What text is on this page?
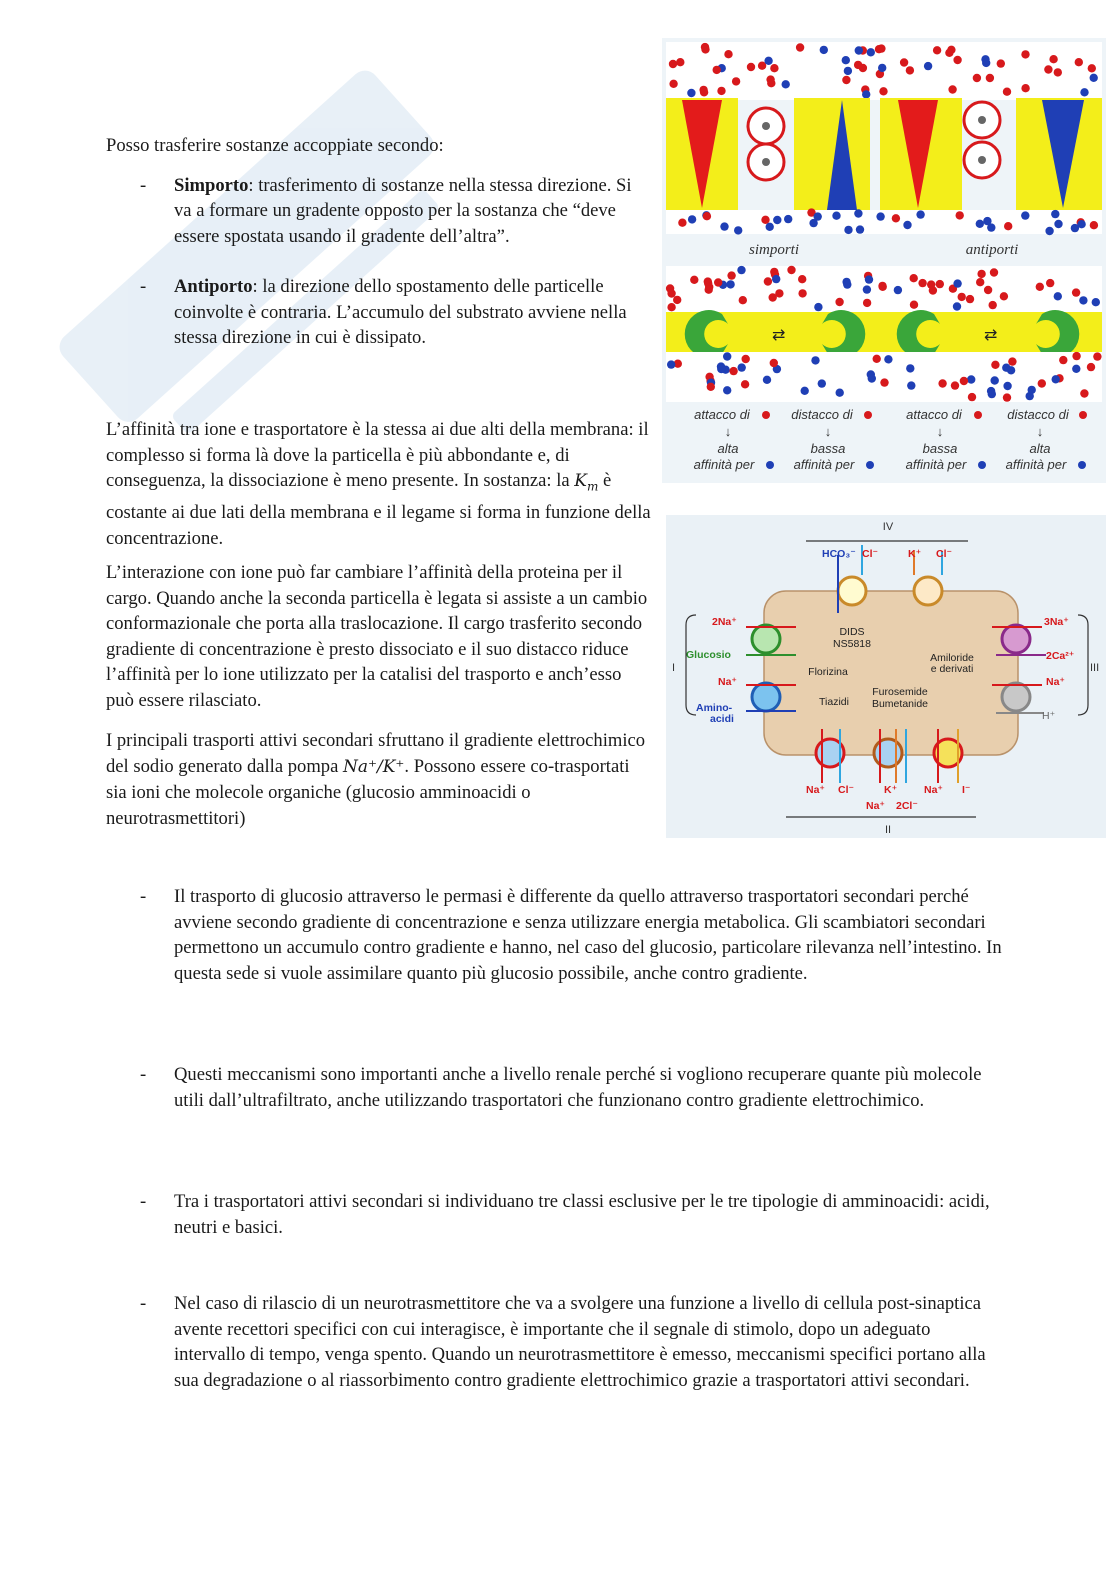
Posso trasferire sostanze accoppiate secondo:
- Simporto: trasferimento di sostanze nella stessa direzione. Si va a formare un gradente opposto per la sostanza che “deve essere spostata usando il gradente dell’altra”.
- Antiporto: la direzione dello spostamento delle particelle coinvolte è contraria. L’accumulo del substrato avviene nella stessa direzione in cui è dissipato.
L’affinità tra ione e trasportatore è la stessa ai due alti della membrana: il complesso si forma là dove la particella è più abbondante e, di conseguenza, la dissociazione è meno presente. In sostanza: la $K_m$ è costante ai due lati della membrana e il legame si forma in funzione della concentrazione.
L’interazione con ione può far cambiare l’affinità della proteina per il cargo. Quando anche la seconda particella è legata si assiste a un cambio conformazionale che porta alla traslocazione. Il cargo trasferito secondo gradiente di concentrazione è presto dissociato e il suo distacco riduce l’affinità per lo ione utilizzato per la catalisi del trasporto e anch’esso può essere rilasciato.
I principali trasporti attivi secondari sfruttano il gradiente elettrochimico del sodio generato dalla pompa Na⁺/K⁺. Possono essere co-trasportati sia ioni che molecole organiche (glucosio amminoacidi o neurotrasmettitori)
- Il trasporto di glucosio attraverso le permasi è differente da quello attraverso trasportatori secondari perché avviene secondo gradiente di concentrazione e senza utilizzare energia metabolica. Gli scambiatori secondari permettono un accumulo contro gradiente e hanno, nel caso del glucosio, particolare rilevanza nell’intestino. In questa sede si vuole assimilare quanto più glucosio possibile, anche contro gradiente.
- Questi meccanismi sono importanti anche a livello renale perché si vogliono recuperare quante più molecole utili dall’ultrafiltrato, anche utilizzando trasportatori che funzionano contro gradiente elettrochimico.
- Tra i trasportatori attivi secondari si individuano tre classi esclusive per le tre tipologie di amminoacidi: acidi, neutri e basici.
- Nel caso di rilascio di un neurotrasmettitore che va a svolgere una funzione a livello di cellula post-sinaptica avente recettori specifici con cui interagisce, è importante che il segnale di stimolo, dopo un adeguato intervallo di tempo, venga spento. Quando un neurotrasmettitore è emesso, meccanismi specifici portano alla sua degradazione o al riassorbimento contro gradiente elettrochimico grazie a trasportatori attivi secondari.
simporti	antiporti
⇄	⇄
attacco di	distacco di	attacco di	distacco di
↓	↓	↓	↓
alta	bassa	bassa	alta
affinità per	affinità per	affinità per	affinità per
IV
II
I	III
HCO₃⁻ Cl⁻	K⁺ Cl⁻
2Na⁺
Glucosio
Na⁺
Amino-
acidi
3Na⁺
2Ca²⁺
Na⁺
Na⁺ Cl⁻	K⁺	Na⁺ I⁻
Na⁺ 2Cl⁻
H⁺
DIDS
NS5818
Florizina
Tiazidi
Amiloride
e derivati
Furosemide
Bumetanide
